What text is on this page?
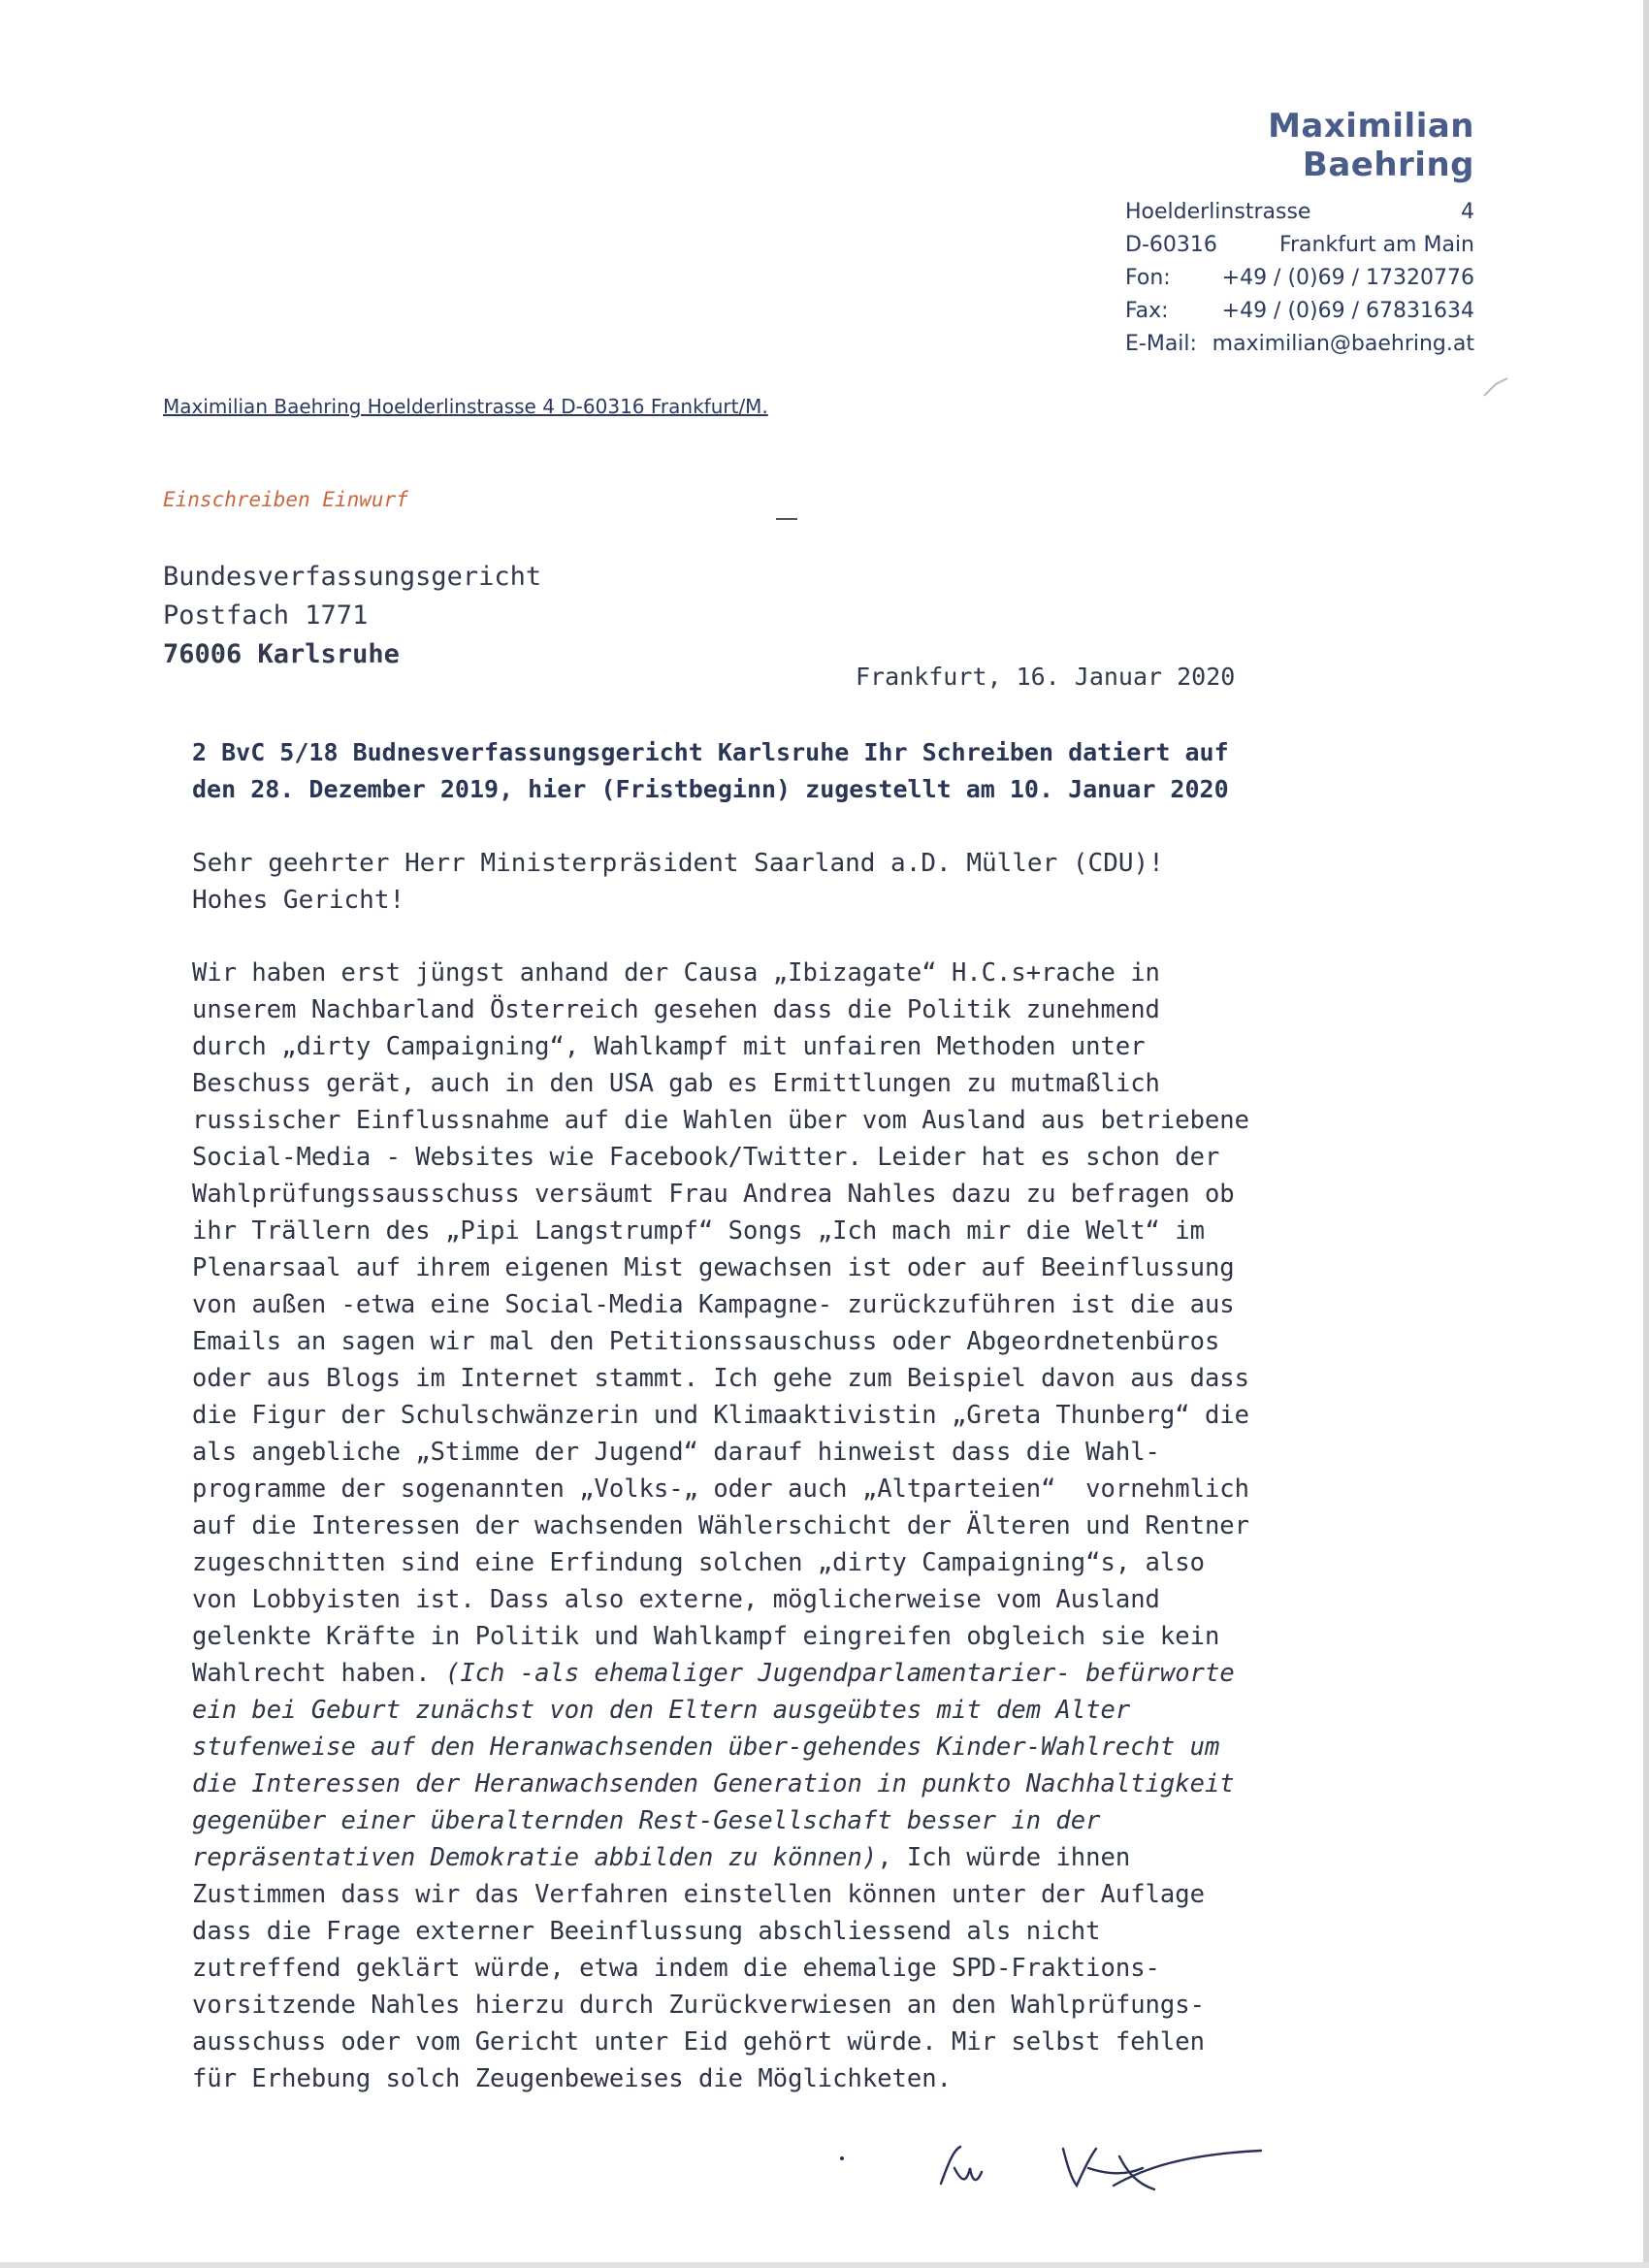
Maximilian Baehring
Hoelderlinstrasse	4
D-60316	Frankfurt am Main
Fon:	+49 / (0)69 / 17320776
Fax:	+49 / (0)69 / 67831634
E-Mail: maximilian@baehring.at
Maximilian Baehring Hoelderlinstrasse 4 D-60316 Frankfurt/M.
Einschreiben Einwurf
Bundesverfassungsgericht
Postfach 1771
76006 Karlsruhe
Frankfurt, 16. Januar 2020
2 BvC 5/18 Budnesverfassungsgericht Karlsruhe Ihr Schreiben datiert auf
den 28. Dezember 2019, hier (Fristbeginn) zugestellt am 10. Januar 2020
Sehr geehrter Herr Ministerpräsident Saarland a.D. Müller (CDU)!
Hohes Gericht!
Wir haben erst jüngst anhand der Causa „Ibizagate“ H.C.s+rache in
unserem Nachbarland Österreich gesehen dass die Politik zunehmend
durch „dirty Campaigning“, Wahlkampf mit unfairen Methoden unter
Beschuss gerät, auch in den USA gab es Ermittlungen zu mutmaßlich
russischer Einflussnahme auf die Wahlen über vom Ausland aus betriebene
Social-Media - Websites wie Facebook/Twitter. Leider hat es schon der
Wahlprüfungssausschuss versäumt Frau Andrea Nahles dazu zu befragen ob
ihr Trällern des „Pipi Langstrumpf“ Songs „Ich mach mir die Welt“ im
Plenarsaal auf ihrem eigenen Mist gewachsen ist oder auf Beeinflussung
von außen -etwa eine Social-Media Kampagne- zurückzuführen ist die aus
Emails an sagen wir mal den Petitionssauschuss oder Abgeordnetenbüros
oder aus Blogs im Internet stammt. Ich gehe zum Beispiel davon aus dass
die Figur der Schulschwänzerin und Klimaaktivistin „Greta Thunberg“ die
als angebliche „Stimme der Jugend“ darauf hinweist dass die Wahl-
programme der sogenannten „Volks-„ oder auch „Altparteien“  vornehmlich
auf die Interessen der wachsenden Wählerschicht der Älteren und Rentner
zugeschnitten sind eine Erfindung solchen „dirty Campaigning“s, also
von Lobbyisten ist. Dass also externe, möglicherweise vom Ausland
gelenkte Kräfte in Politik und Wahlkampf eingreifen obgleich sie kein
Wahlrecht haben. (Ich -als ehemaliger Jugendparlamentarier- befürworte
ein bei Geburt zunächst von den Eltern ausgeübtes mit dem Alter
stufenweise auf den Heranwachsenden über-gehendes Kinder-Wahlrecht um
die Interessen der Heranwachsenden Generation in punkto Nachhaltigkeit
gegenüber einer überalternden Rest-Gesellschaft besser in der
repräsentativen Demokratie abbilden zu können), Ich würde ihnen
Zustimmen dass wir das Verfahren einstellen können unter der Auflage
dass die Frage externer Beeinflussung abschliessend als nicht
zutreffend geklärt würde, etwa indem die ehemalige SPD-Fraktions-
vorsitzende Nahles hierzu durch Zurückverwiesen an den Wahlprüfungs-
ausschuss oder vom Gericht unter Eid gehört würde. Mir selbst fehlen
für Erhebung solch Zeugenbeweises die Möglichketen.
